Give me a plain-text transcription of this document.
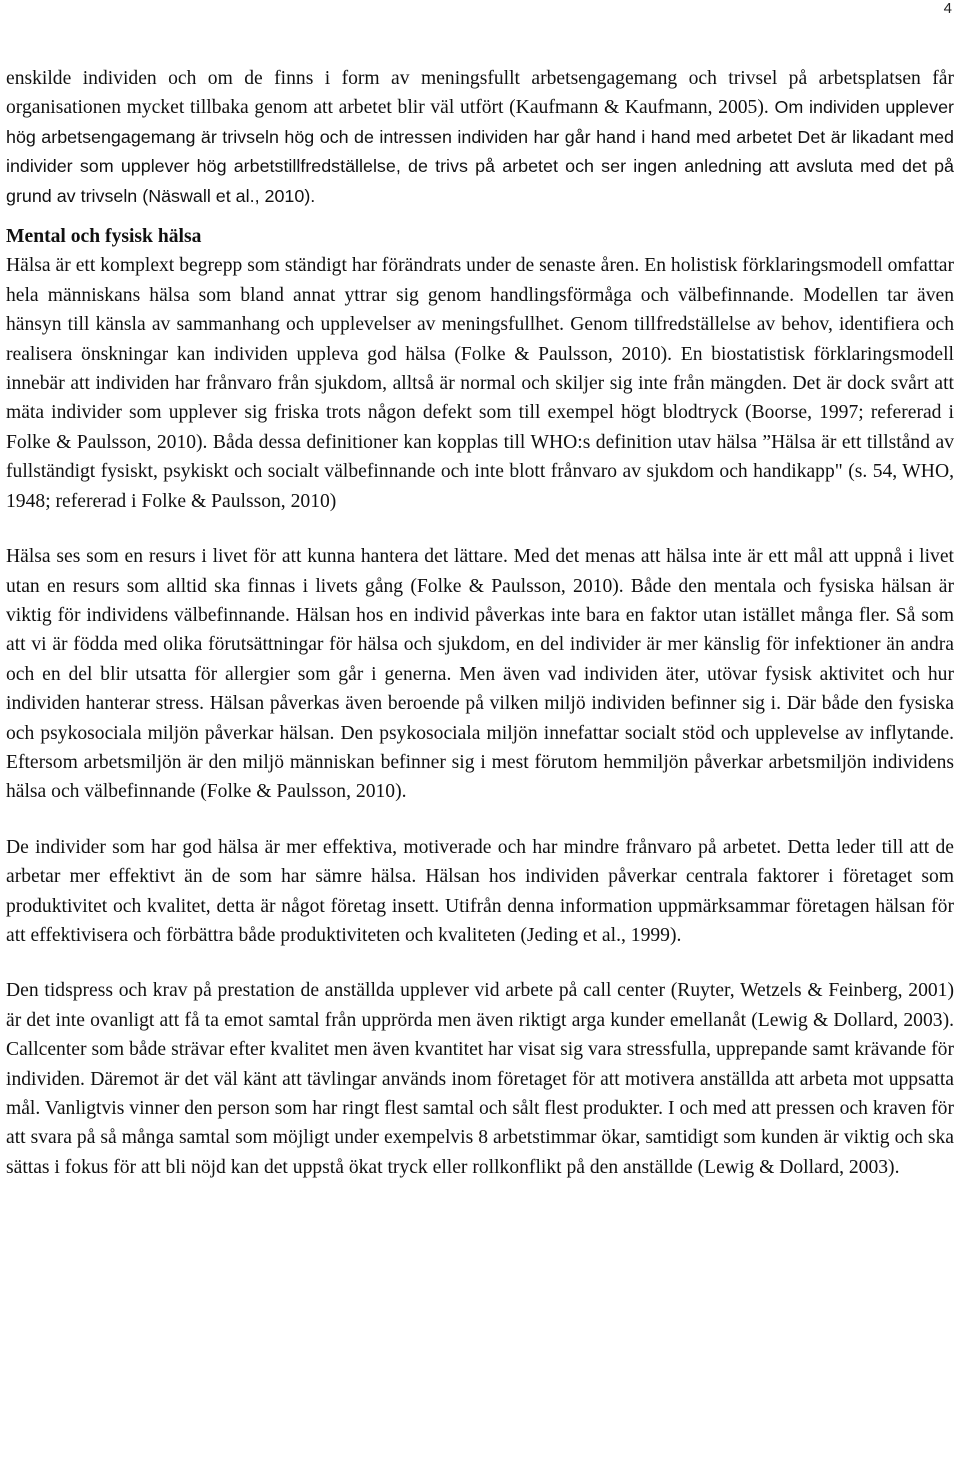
4

enskilde individen och om de finns i form av meningsfullt arbetsengagemang och trivsel på arbetsplatsen får organisationen mycket tillbaka genom att arbetet blir väl utfört (Kaufmann & Kaufmann, 2005). Om individen upplever hög arbetsengagemang är trivseln hög och de intressen individen har går hand i hand med arbetet Det är likadant med individer som upplever hög arbetstillfredställelse, de trivs på arbetet och ser ingen anledning att avsluta med det på grund av trivseln (Näswall et al., 2010).

Mental och fysisk hälsa

Hälsa är ett komplext begrepp som ständigt har förändrats under de senaste åren. En holistisk förklaringsmodell omfattar hela människans hälsa som bland annat yttrar sig genom handlingsförmåga och välbefinnande. Modellen tar även hänsyn till känsla av sammanhang och upplevelser av meningsfullhet. Genom tillfredställelse av behov, identifiera och realisera önskningar kan individen uppleva god hälsa (Folke & Paulsson, 2010). En biostatistisk förklaringsmodell innebär att individen har frånvaro från sjukdom, alltså är normal och skiljer sig inte från mängden. Det är dock svårt att mäta individer som upplever sig friska trots någon defekt som till exempel högt blodtryck (Boorse, 1997; refererad i Folke & Paulsson, 2010). Båda dessa definitioner kan kopplas till WHO:s definition utav hälsa ”Hälsa är ett tillstånd av fullständigt fysiskt, psykiskt och socialt välbefinnande och inte blott frånvaro av sjukdom och handikapp" (s. 54, WHO, 1948; refererad i Folke & Paulsson, 2010)

Hälsa ses som en resurs i livet för att kunna hantera det lättare. Med det menas att hälsa inte är ett mål att uppnå i livet utan en resurs som alltid ska finnas i livets gång (Folke & Paulsson, 2010). Både den mentala och fysiska hälsan är viktig för individens välbefinnande. Hälsan hos en individ påverkas inte bara en faktor utan istället många fler. Så som att vi är födda med olika förutsättningar för hälsa och sjukdom, en del individer är mer känslig för infektioner än andra och en del blir utsatta för allergier som går i generna. Men även vad individen äter, utövar fysisk aktivitet och hur individen hanterar stress. Hälsan påverkas även beroende på vilken miljö individen befinner sig i. Där både den fysiska och psykosociala miljön påverkar hälsan. Den psykosociala miljön innefattar socialt stöd och upplevelse av inflytande. Eftersom arbetsmiljön är den miljö människan befinner sig i mest förutom hemmiljön påverkar arbetsmiljön individens hälsa och välbefinnande (Folke & Paulsson, 2010).

De individer som har god hälsa är mer effektiva, motiverade och har mindre frånvaro på arbetet. Detta leder till att de arbetar mer effektivt än de som har sämre hälsa. Hälsan hos individen påverkar centrala faktorer i företaget som produktivitet och kvalitet, detta är något företag insett. Utifrån denna information uppmärksammar företagen hälsan för att effektivisera och förbättra både produktiviteten och kvaliteten (Jeding et al., 1999).

Den tidspress och krav på prestation de anställda upplever vid arbete på call center (Ruyter, Wetzels & Feinberg, 2001) är det inte ovanligt att få ta emot samtal från upprörda men även riktigt arga kunder emellanåt (Lewig & Dollard, 2003). Callcenter som både strävar efter kvalitet men även kvantitet har visat sig vara stressfulla, upprepande samt krävande för individen. Däremot är det väl känt att tävlingar används inom företaget för att motivera anställda att arbeta mot uppsatta mål. Vanligtvis vinner den person som har ringt flest samtal och sålt flest produkter. I och med att pressen och kraven för att svara på så många samtal som möjligt under exempelvis 8 arbetstimmar ökar, samtidigt som kunden är viktig och ska sättas i fokus för att bli nöjd kan det uppstå ökat tryck eller rollkonflikt på den anställde (Lewig & Dollard, 2003).
